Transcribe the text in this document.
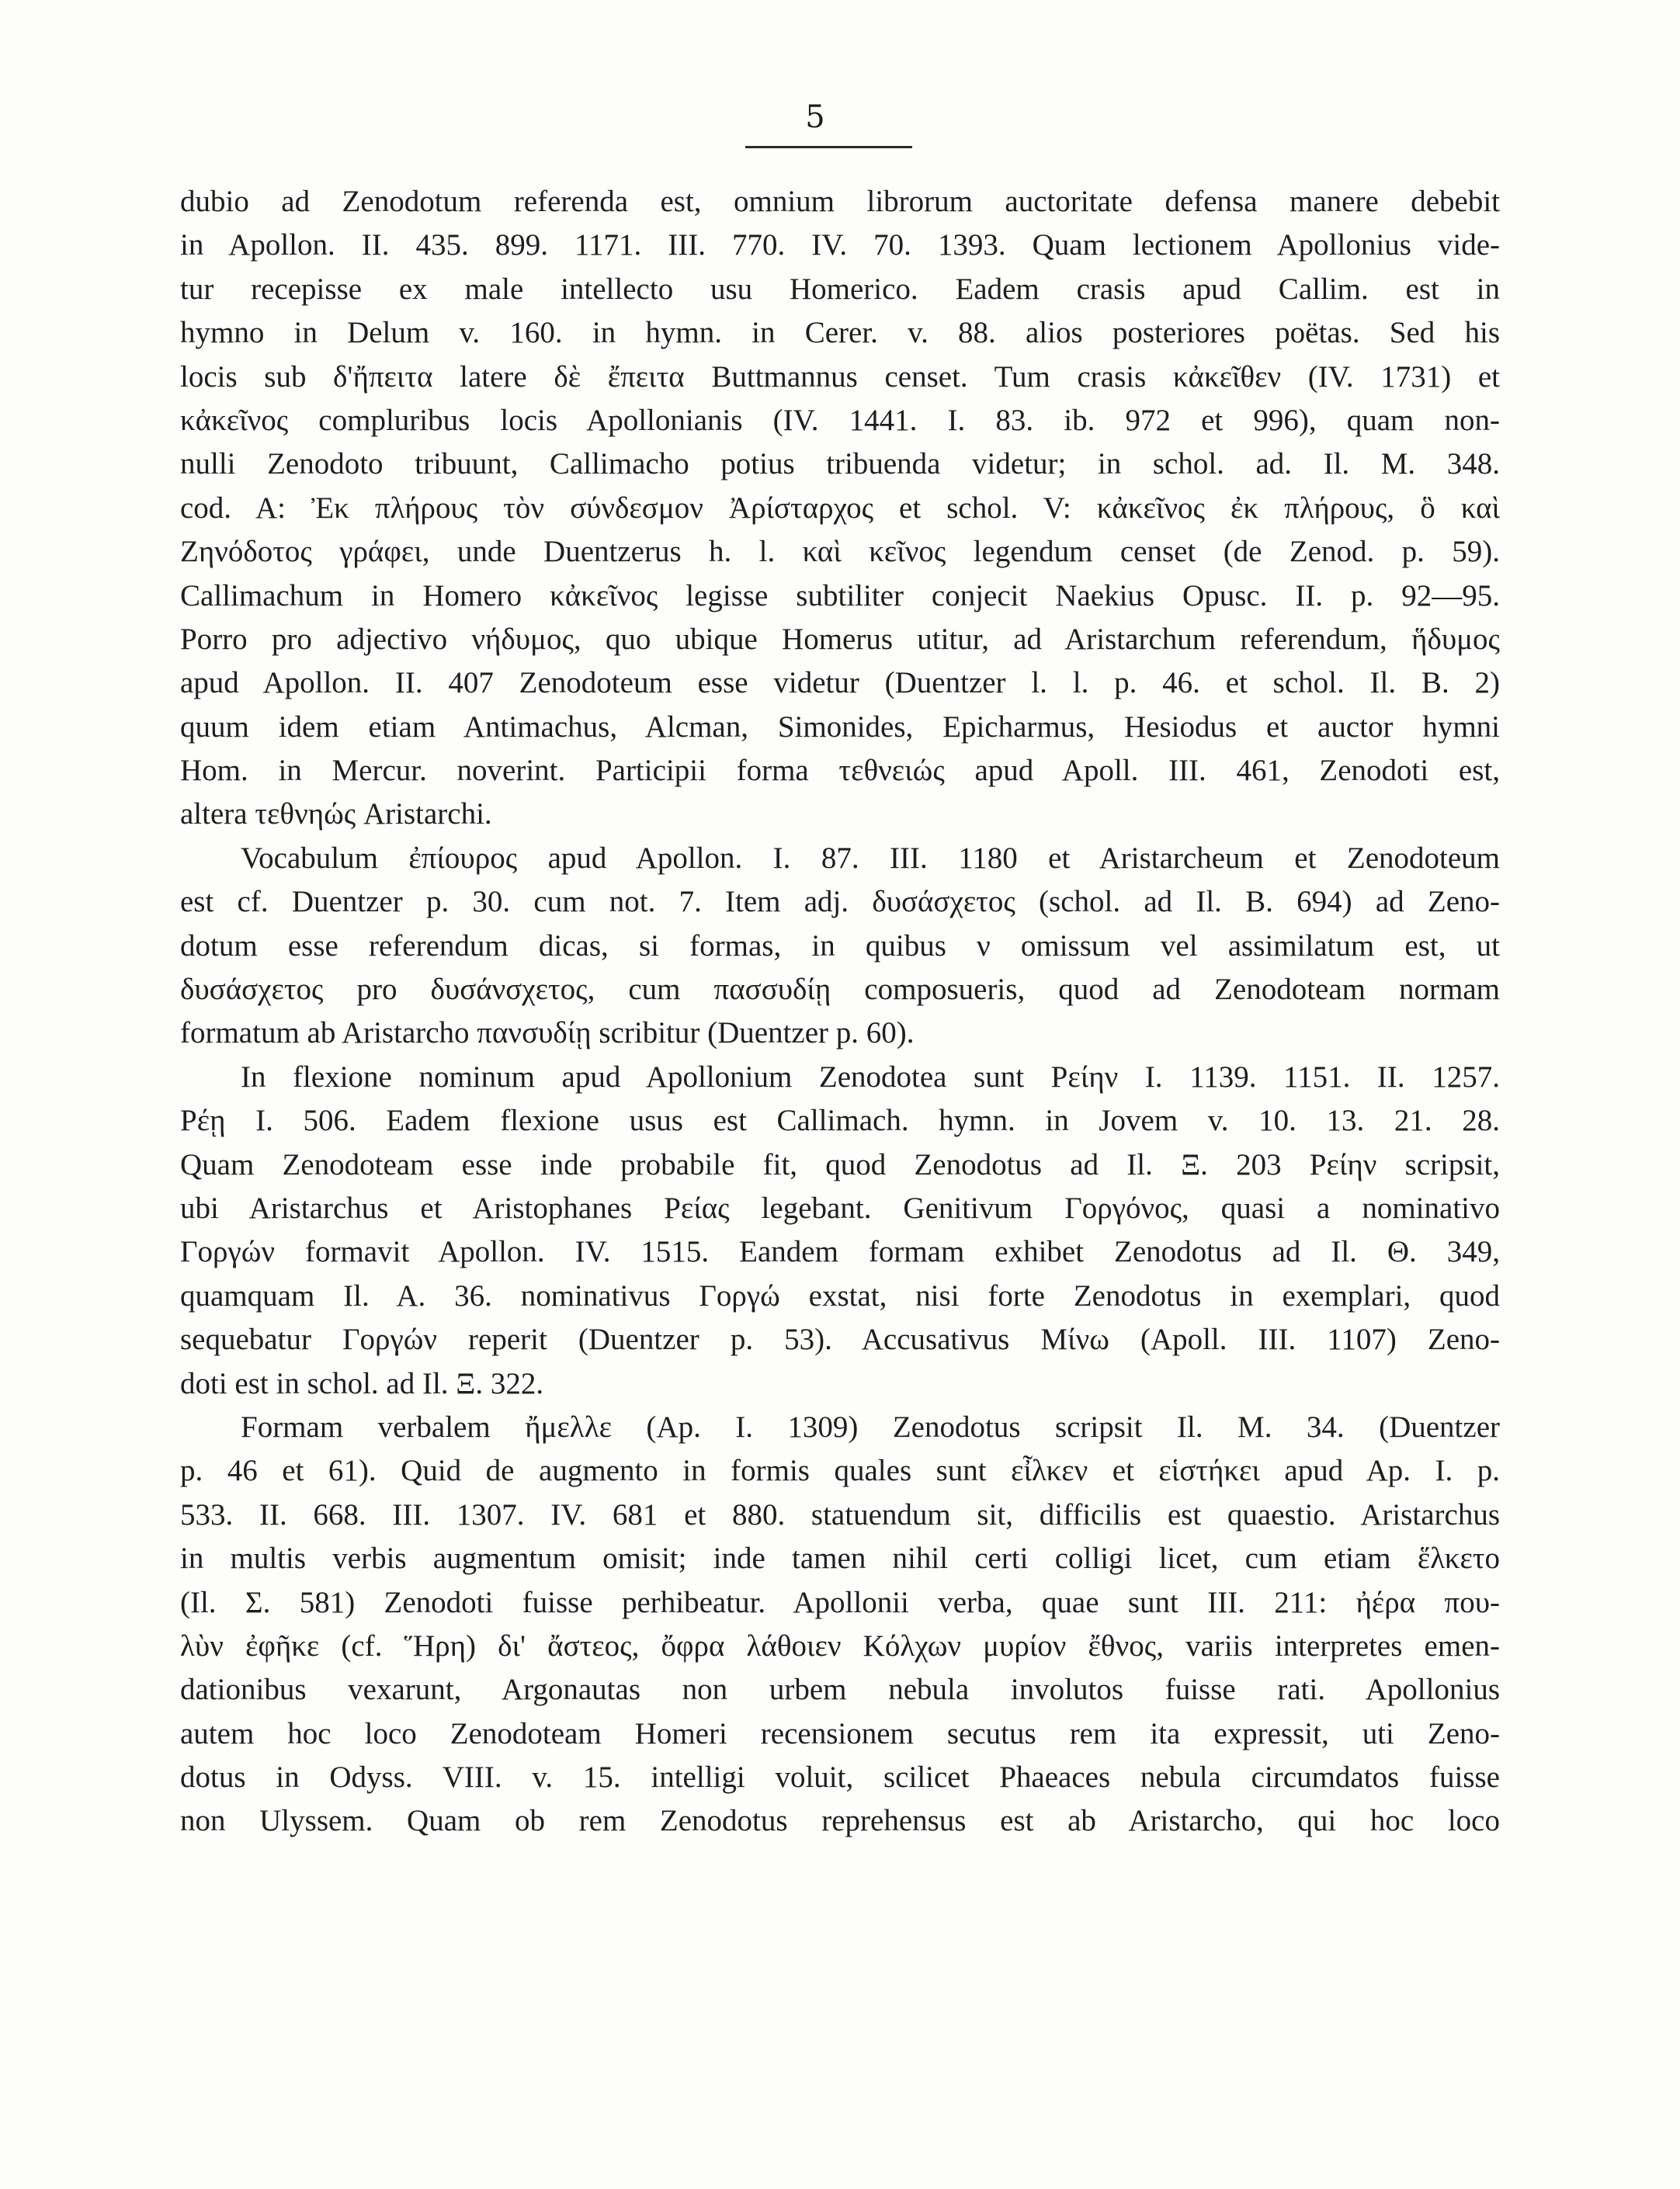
5
dubio ad Zenodotum referenda est, omnium librorum auctoritate defensa manere debebit
in Apollon. II. 435. 899. 1171. III. 770. IV. 70. 1393. Quam lectionem Apollonius vide-
tur recepisse ex male intellecto usu Homerico. Eadem crasis apud Callim. est in
hymno in Delum v. 160. in hymn. in Cerer. v. 88. alios posteriores poëtas. Sed his
locis sub δ'ἤπειτα latere δὲ ἔπειτα Buttmannus censet. Tum crasis κἀκεῖθεν (IV. 1731) et
κἀκεῖνος compluribus locis Apollonianis (IV. 1441. I. 83. ib. 972 et 996), quam non-
nulli Zenodoto tribuunt, Callimacho potius tribuenda videtur; in schol. ad. Il. M. 348.
cod. A: Ἐκ πλήρους τὸν σύνδεσμον Ἀρίσταρχος et schol. V: κἀκεῖνος ἐκ πλήρους, ὃ καὶ
Ζηνόδοτος γράφει, unde Duentzerus h. l. καὶ κεῖνος legendum censet (de Zenod. p. 59).
Callimachum in Homero κἀκεῖνος legisse subtiliter conjecit Naekius Opusc. II. p. 92—95.
Porro pro adjectivo νήδυμος, quo ubique Homerus utitur, ad Aristarchum referendum, ἥδυμος
apud Apollon. II. 407 Zenodoteum esse videtur (Duentzer l. l. p. 46. et schol. Il. B. 2)
quum idem etiam Antimachus, Alcman, Simonides, Epicharmus, Hesiodus et auctor hymni
Hom. in Mercur. noverint. Participii forma τεθνειώς apud Apoll. III. 461, Zenodoti est,
altera τεθνηώς Aristarchi.
Vocabulum ἐπίουρος apud Apollon. I. 87. III. 1180 et Aristarcheum et Zenodoteum
est cf. Duentzer p. 30. cum not. 7. Item adj. δυσάσχετος (schol. ad Il. B. 694) ad Zeno-
dotum esse referendum dicas, si formas, in quibus ν omissum vel assimilatum est, ut
δυσάσχετος pro δυσάνσχετος, cum πασσυδίῃ composueris, quod ad Zenodoteam normam
formatum ab Aristarcho πανσυδίῃ scribitur (Duentzer p. 60).
In flexione nominum apud Apollonium Zenodotea sunt Ρείην I. 1139. 1151. II. 1257.
Ρέῃ I. 506. Eadem flexione usus est Callimach. hymn. in Jovem v. 10. 13. 21. 28.
Quam Zenodoteam esse inde probabile fit, quod Zenodotus ad Il. Ξ. 203 Ρείην scripsit,
ubi Aristarchus et Aristophanes Ρείας legebant. Genitivum Γοργόνος, quasi a nominativo
Γοργών formavit Apollon. IV. 1515. Eandem formam exhibet Zenodotus ad Il. Θ. 349,
quamquam Il. A. 36. nominativus Γοργώ exstat, nisi forte Zenodotus in exemplari, quod
sequebatur Γοργών reperit (Duentzer p. 53). Accusativus Μίνω (Apoll. III. 1107) Zeno-
doti est in schol. ad Il. Ξ. 322.
Formam verbalem ἤμελλε (Ap. I. 1309) Zenodotus scripsit Il. M. 34. (Duentzer
p. 46 et 61). Quid de augmento in formis quales sunt εἶλκεν et εἱστήκει apud Ap. I. p.
533. II. 668. III. 1307. IV. 681 et 880. statuendum sit, difficilis est quaestio. Aristarchus
in multis verbis augmentum omisit; inde tamen nihil certi colligi licet, cum etiam ἕλκετο
(Il. Σ. 581) Zenodoti fuisse perhibeatur. Apollonii verba, quae sunt III. 211: ἠέρα που-
λὺν ἐφῆκε (cf. Ἥρη) δι' ἄστεος, ὄφρα λάθοιεν Κόλχων μυρίον ἔθνος, variis interpretes emen-
dationibus vexarunt, Argonautas non urbem nebula involutos fuisse rati. Apollonius
autem hoc loco Zenodoteam Homeri recensionem secutus rem ita expressit, uti Zeno-
dotus in Odyss. VIII. v. 15. intelligi voluit, scilicet Phaeaces nebula circumdatos fuisse
non Ulyssem. Quam ob rem Zenodotus reprehensus est ab Aristarcho, qui hoc loco
